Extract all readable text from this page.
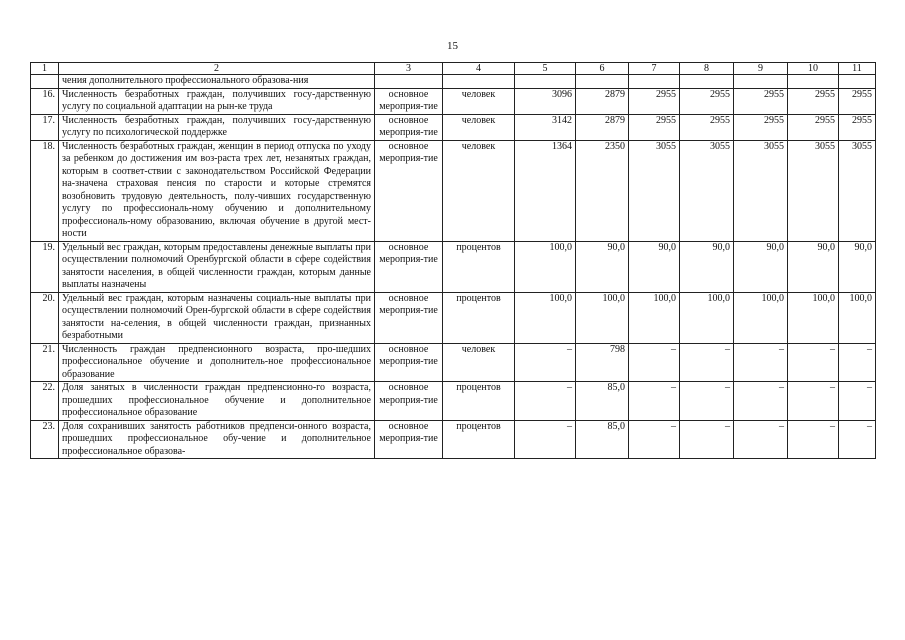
15
1	2	3	4	5	6	7	8	9	10	11
	чения дополнительного профессионального образова-ния									
16.	Численность безработных граждан, получивших госу-дарственную услугу по социальной адаптации на рын-ке труда	основное мероприя-тие	человек	3096	2879	2955	2955	2955	2955	2955
17.	Численность безработных граждан, получивших госу-дарственную услугу по психологической поддержке	основное мероприя-тие	человек	3142	2879	2955	2955	2955	2955	2955
18.	Численность безработных граждан, женщин в период отпуска по уходу за ребенком до достижения им воз-раста трех лет, незанятых граждан, которым в соответ-ствии с законодательством Российской Федерации на-значена страховая пенсия по старости и которые стремятся возобновить трудовую деятельность, полу-чивших государственную услугу по профессиональ-ному обучению и дополнительному профессиональ-ному образованию, включая обучение в другой мест-ности	основное мероприя-тие	человек	1364	2350	3055	3055	3055	3055	3055
19.	Удельный вес граждан, которым предоставлены денежные выплаты при осуществлении полномочий Оренбургской области в сфере содействия занятости населения, в общей численности граждан, которым данные выплаты назначены	основное мероприя-тие	процентов	100,0	90,0	90,0	90,0	90,0	90,0	90,0
20.	Удельный вес граждан, которым назначены социаль-ные выплаты при осуществлении полномочий Орен-бургской области в сфере содействия занятости на-селения, в общей численности граждан, признанных безработными	основное мероприя-тие	процентов	100,0	100,0	100,0	100,0	100,0	100,0	100,0
21.	Численность граждан предпенсионного возраста, про-шедших профессиональное обучение и дополнитель-ное профессиональное образование	основное мероприя-тие	человек	–	798	–	–	–	–	–
22.	Доля занятых в численности граждан предпенсионно-го возраста, прошедших профессиональное обучение и дополнительное профессиональное образование	основное мероприя-тие	процентов	–	85,0	–	–	–	–	–
23.	Доля сохранивших занятость работников предпенси-онного возраста, прошедших профессиональное обу-чение и дополнительное профессиональное образова-	основное мероприя-тие	процентов	–	85,0	–	–	–	–	–
